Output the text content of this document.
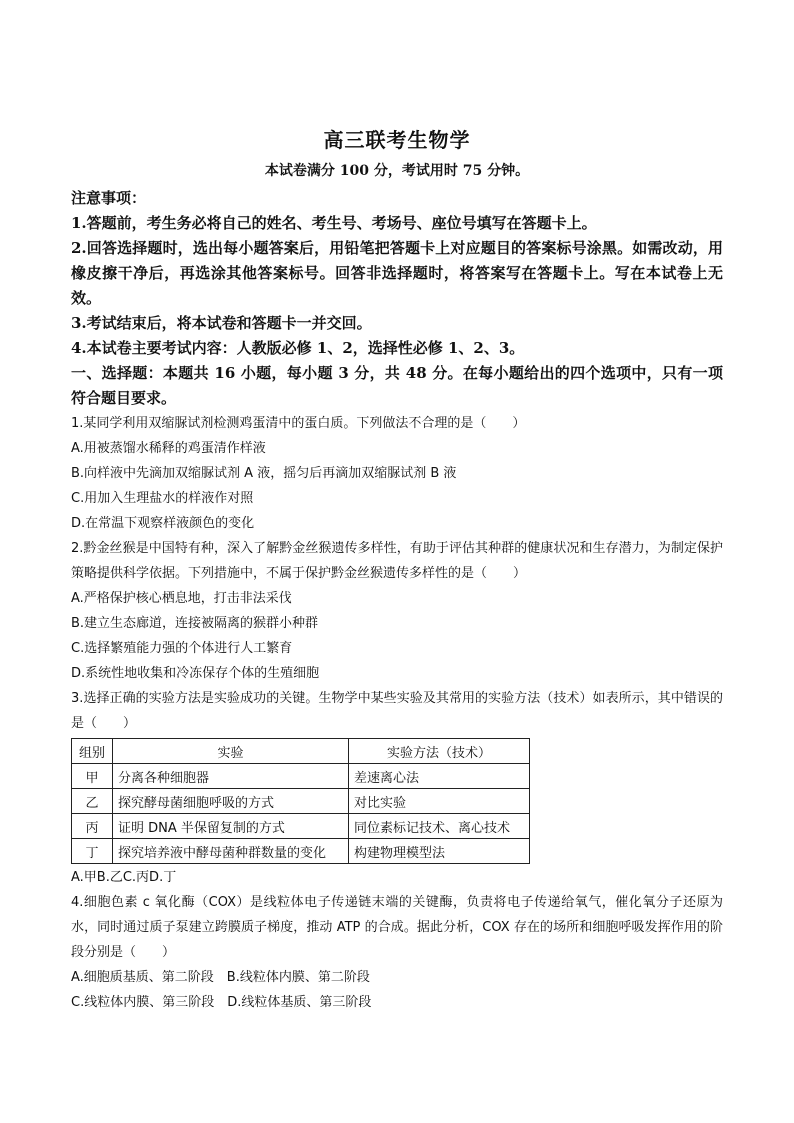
高三联考生物学
本试卷满分 100 分，考试用时 75 分钟。
注意事项：
1.答题前，考生务必将自己的姓名、考生号、考场号、座位号填写在答题卡上。
2.回答选择题时，选出每小题答案后，用铅笔把答题卡上对应题目的答案标号涂黑。如需改动，用橡皮擦干净后，再选涂其他答案标号。回答非选择题时，将答案写在答题卡上。写在本试卷上无效。
3.考试结束后，将本试卷和答题卡一并交回。
4.本试卷主要考试内容：人教版必修 1、2，选择性必修 1、2、3。
一、选择题：本题共 16 小题，每小题 3 分，共 48 分。在每小题给出的四个选项中，只有一项符合题目要求。
1.某同学利用双缩脲试剂检测鸡蛋清中的蛋白质。下列做法不合理的是（　　）
A.用被蒸馏水稀释的鸡蛋清作样液
B.向样液中先滴加双缩脲试剂 A 液，摇匀后再滴加双缩脲试剂 B 液
C.用加入生理盐水的样液作对照
D.在常温下观察样液颜色的变化
2.黔金丝猴是中国特有种，深入了解黔金丝猴遗传多样性，有助于评估其种群的健康状况和生存潜力，为制定保护策略提供科学依据。下列措施中，不属于保护黔金丝猴遗传多样性的是（　　）
A.严格保护核心栖息地，打击非法采伐
B.建立生态廊道，连接被隔离的猴群小种群
C.选择繁殖能力强的个体进行人工繁育
D.系统性地收集和冷冻保存个体的生殖细胞
3.选择正确的实验方法是实验成功的关键。生物学中某些实验及其常用的实验方法（技术）如表所示，其中错误的是（　　）
组别	实验	实验方法（技术）
甲	分离各种细胞器	差速离心法
乙	探究酵母菌细胞呼吸的方式	对比实验
丙	证明 DNA 半保留复制的方式	同位素标记技术、离心技术
丁	探究培养液中酵母菌种群数量的变化	构建物理模型法
A.甲B.乙C.丙D.丁
4.细胞色素 c 氧化酶（COX）是线粒体电子传递链末端的关键酶，负责将电子传递给氧气，催化氧分子还原为水，同时通过质子泵建立跨膜质子梯度，推动 ATP 的合成。据此分析，COX 存在的场所和细胞呼吸发挥作用的阶段分别是（　　）
A.细胞质基质、第二阶段　B.线粒体内膜、第二阶段
C.线粒体内膜、第三阶段　D.线粒体基质、第三阶段
